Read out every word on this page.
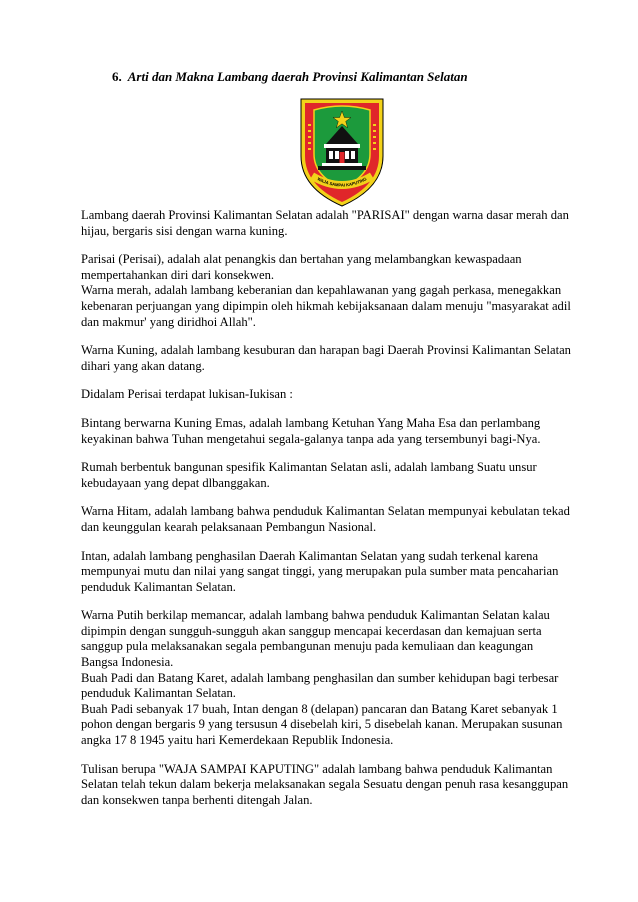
6. Arti dan Makna Lambang daerah Provinsi Kalimantan Selatan
WAJA SAMPAI KAPUTING

Lambang daerah Provinsi Kalimantan Selatan adalah "PARISAI" dengan warna dasar merah dan hijau, bergaris sisi dengan warna kuning.

Parisai (Perisai), adalah alat penangkis dan bertahan yang melambangkan kewaspadaan mempertahankan diri dari konsekwen.

Warna merah, adalah lambang keberanian dan kepahlawanan yang gagah perkasa, menegakkan kebenaran perjuangan yang dipimpin oleh hikmah kebijaksanaan dalam menuju "masyarakat adil dan makmur' yang diridhoi Allah".

Warna Kuning, adalah lambang kesuburan dan harapan bagi Daerah Provinsi Kalimantan Selatan dihari yang akan datang.

Didalam Perisai terdapat lukisan-Iukisan :

Bintang berwarna Kuning Emas, adalah lambang Ketuhan Yang Maha Esa dan perlambang keyakinan bahwa Tuhan mengetahui segala-galanya tanpa ada yang tersembunyi bagi-Nya.

Rumah berbentuk bangunan spesifik Kalimantan Selatan asli, adalah lambang Suatu unsur kebudayaan yang depat dlbanggakan.

Warna Hitam, adalah lambang bahwa penduduk Kalimantan Selatan mempunyai kebulatan tekad dan keunggulan kearah pelaksanaan Pembangun Nasional.

Intan, adalah lambang penghasilan Daerah Kalimantan Selatan yang sudah terkenal karena mempunyai mutu dan nilai yang sangat tinggi, yang merupakan pula sumber mata pencaharian penduduk Kalimantan Selatan.

Warna Putih berkilap memancar, adalah lambang bahwa penduduk Kalimantan Selatan kalau dipimpin dengan sungguh-sungguh akan sanggup mencapai kecerdasan dan kemajuan serta sanggup pula melaksanakan segala pembangunan menuju pada kemuliaan dan keagungan Bangsa Indonesia.

Buah Padi dan Batang Karet, adalah lambang penghasilan dan sumber kehidupan bagi terbesar penduduk Kalimantan Selatan.

Buah Padi sebanyak 17 buah, Intan dengan 8 (delapan) pancaran dan Batang Karet sebanyak 1 pohon dengan bergaris 9 yang tersusun 4 disebelah kiri, 5 disebelah kanan. Merupakan susunan angka 17 8 1945 yaitu hari Kemerdekaan Republik Indonesia.

Tulisan berupa "WAJA SAMPAI KAPUTING" adalah lambang bahwa penduduk Kalimantan Selatan telah tekun dalam bekerja melaksanakan segala Sesuatu dengan penuh rasa kesanggupan dan konsekwen tanpa berhenti ditengah Jalan.
